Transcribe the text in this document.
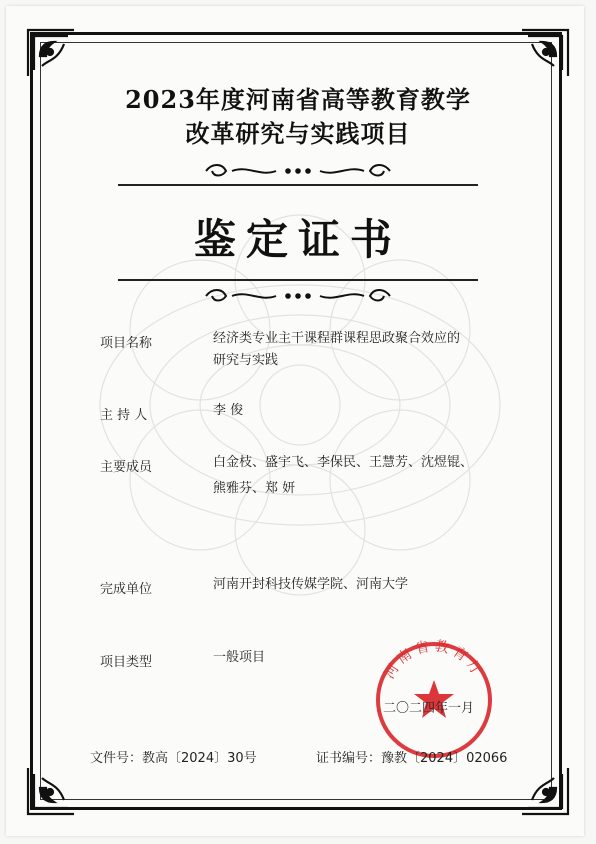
2023年度河南省高等教育教学
改革研究与实践项目
鉴定证书
项目名称	经济类专业主干课程群课程思政聚合效应的
研究与实践
主 持 人	李 俊
主要成员	白金枝、盛宇飞、李保民、王慧芳、沈煜锟、
熊雅芬、郑 妍
完成单位	河南开封科技传媒学院、河南大学
项目类型	一般项目
河南省教育厅
二〇二四年一月
文件号：教高〔2024〕30号	证书编号：豫教〔2024〕02066
